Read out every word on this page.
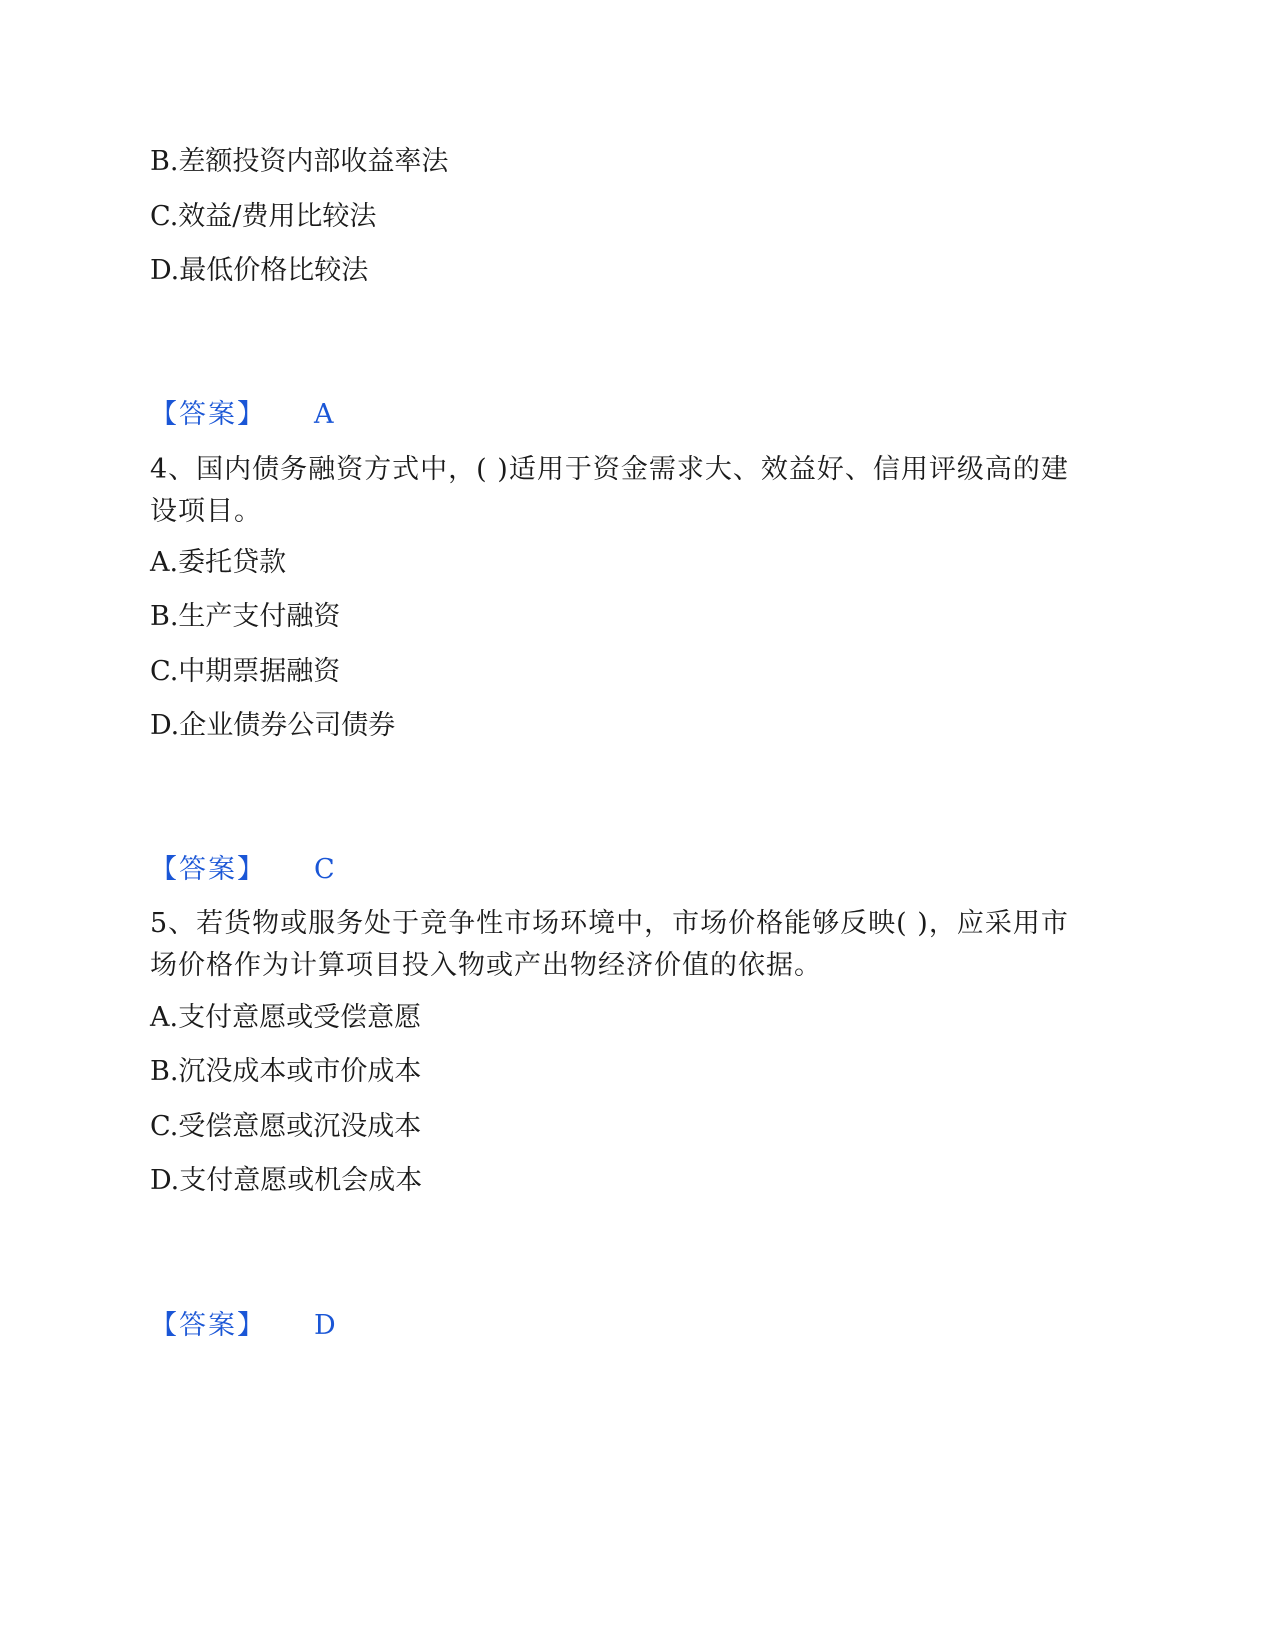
B.差额投资内部收益率法
C.效益/费用比较法
D.最低价格比较法
【答案】 A
4、国内债务融资方式中，( )适用于资金需求大、效益好、信用评级高的建
设项目。
A.委托贷款
B.生产支付融资
C.中期票据融资
D.企业债券公司债券
【答案】 C
5、若货物或服务处于竞争性市场环境中，市场价格能够反映( )，应采用市
场价格作为计算项目投入物或产出物经济价值的依据。
A.支付意愿或受偿意愿
B.沉没成本或市价成本
C.受偿意愿或沉没成本
D.支付意愿或机会成本
【答案】 D
